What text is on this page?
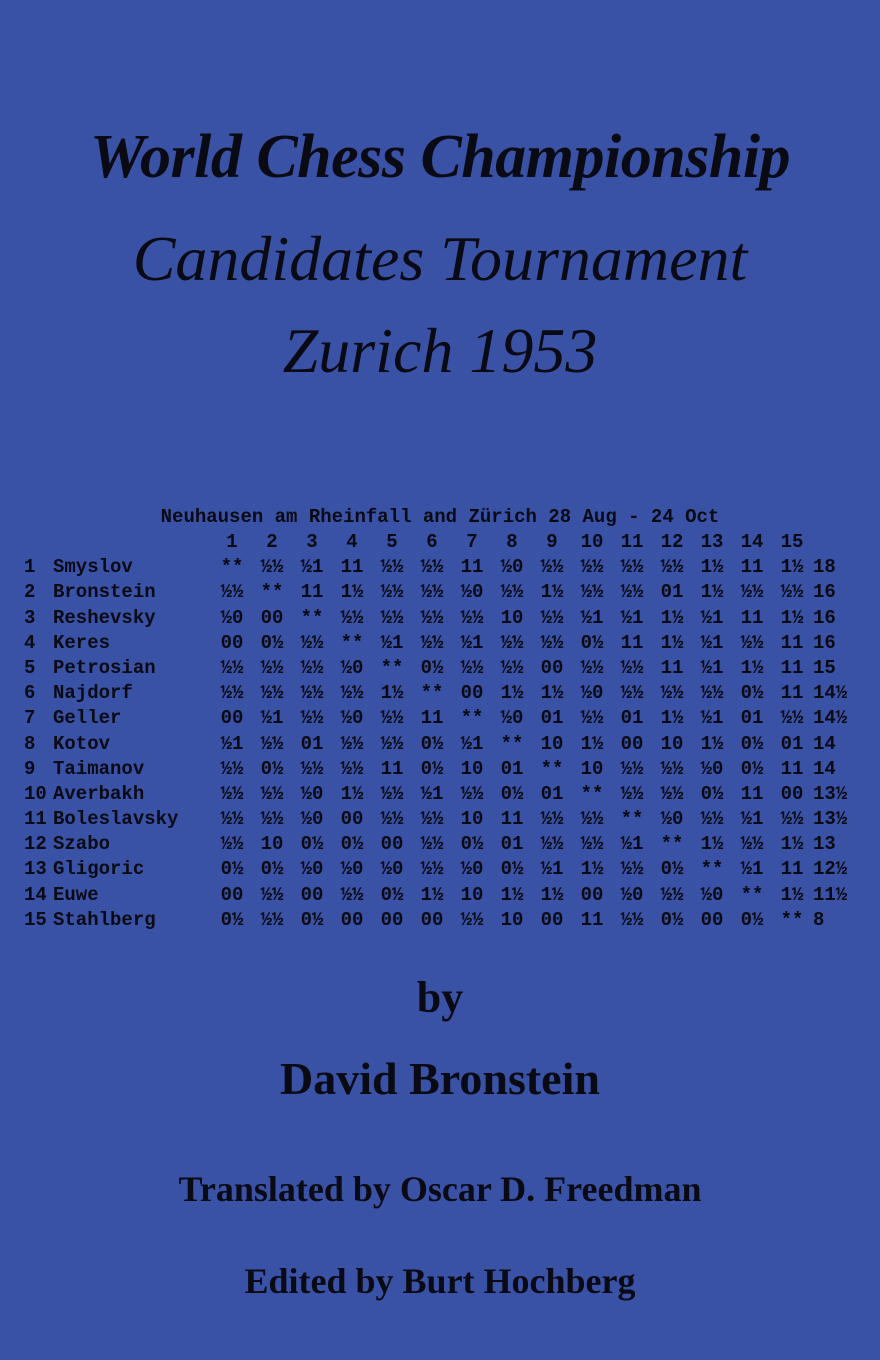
World Chess Championship
Candidates Tournament
Zurich 1953
Neuhausen am Rheinfall and Zürich 28 Aug - 24 Oct
1	2	3	4	5	6	7	8	9	10 11 12 13 14 15
1 Smyslov	** ½½ ½1 11 ½½ ½½ 11 ½0 ½½ ½½ ½½ ½½ 1½ 11 1½ 18
2 Bronstein	½½ ** 11 1½ ½½ ½½ ½0 ½½ 1½ ½½ ½½ 01 1½ ½½ ½½ 16
3 Reshevsky	½0 00 ** ½½ ½½ ½½ ½½ 10 ½½ ½1 ½1 1½ ½1 11 1½ 16
4 Keres	00 0½ ½½ ** ½1 ½½ ½1 ½½ ½½ 0½ 11 1½ ½1 ½½ 11 16
5 Petrosian	½½ ½½ ½½ ½0 ** 0½ ½½ ½½ 00 ½½ ½½ 11 ½1 1½ 11 15
6 Najdorf	½½ ½½ ½½ ½½ 1½ ** 00 1½ 1½ ½0 ½½ ½½ ½½ 0½ 11 14½
7 Geller	00 ½1 ½½ ½0 ½½ 11 ** ½0 01 ½½ 01 1½ ½1 01 ½½ 14½
8 Kotov	½1 ½½ 01 ½½ ½½ 0½ ½1 ** 10 1½ 00 10 1½ 0½ 01 14
9 Taimanov	½½ 0½ ½½ ½½ 11 0½ 10 01 ** 10 ½½ ½½ ½0 0½ 11 14
10 Averbakh	½½ ½½ ½0 1½ ½½ ½1 ½½ 0½ 01 ** ½½ ½½ 0½ 11 00 13½
11 Boleslavsky	½½ ½½ ½0 00 ½½ ½½ 10 11 ½½ ½½ ** ½0 ½½ ½1 ½½ 13½
12 Szabo	½½ 10 0½ 0½ 00 ½½ 0½ 01 ½½ ½½ ½1 ** 1½ ½½ 1½ 13
13 Gligoric	0½ 0½ ½0 ½0 ½0 ½½ ½0 0½ ½1 1½ ½½ 0½ ** ½1 11 12½
14 Euwe	00 ½½ 00 ½½ 0½ 1½ 10 1½ 1½ 00 ½0 ½½ ½0 ** 1½ 11½
15 Stahlberg	0½ ½½ 0½ 00 00 00 ½½ 10 00 11 ½½ 0½ 00 0½ ** 8
by
David Bronstein
Translated by Oscar D. Freedman
Edited by Burt Hochberg
